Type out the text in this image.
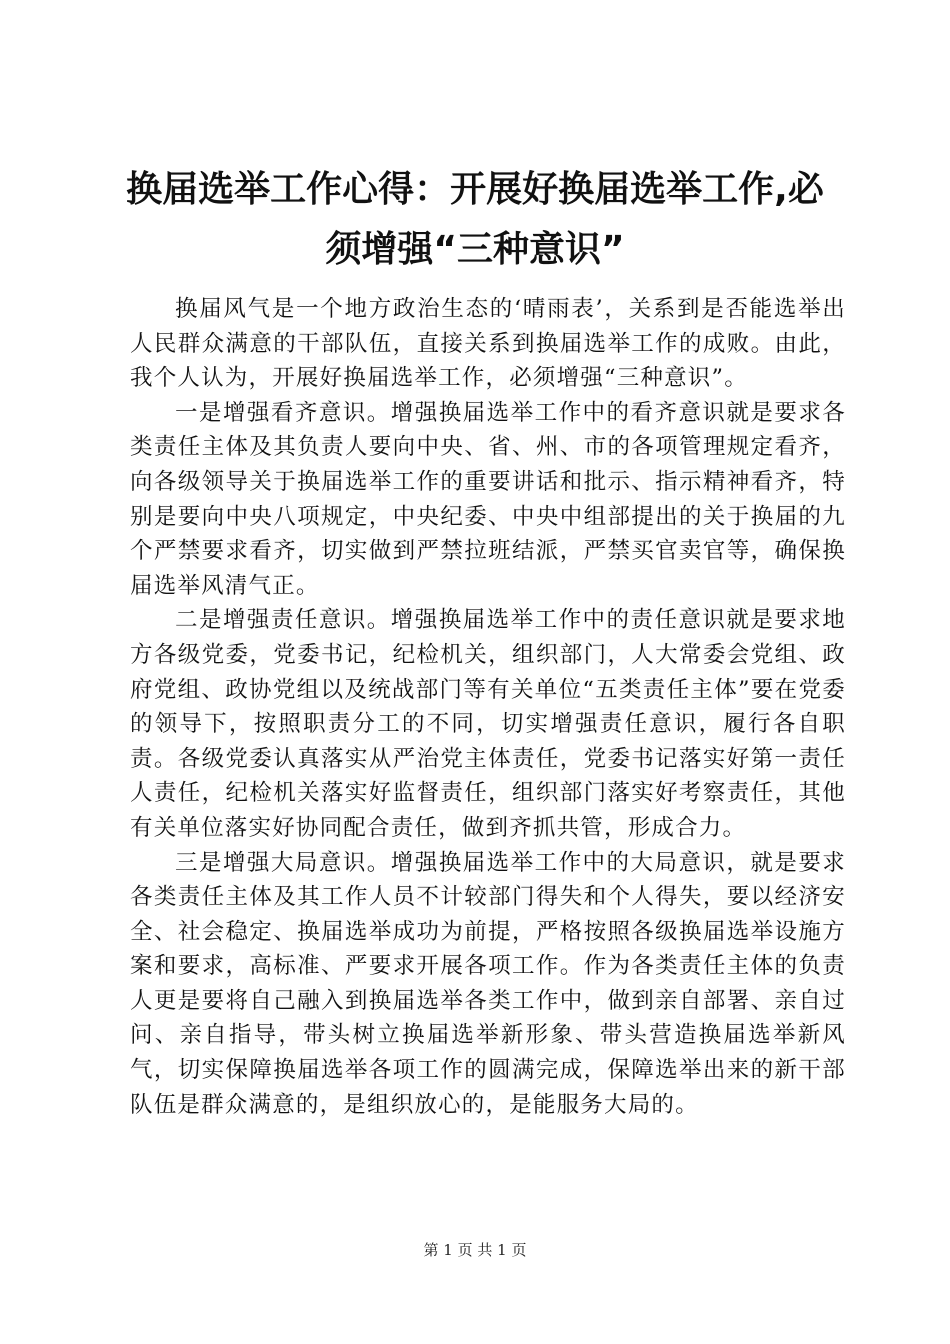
换届选举工作心得：开展好换届选举工作,必
须增强“三种意识”

换届风气是一个地方政治生态的‘晴雨表’，关系到是否能选举出人民群众满意的干部队伍，直接关系到换届选举工作的成败。由此，我个人认为，开展好换届选举工作，必须增强“三种意识”。

一是增强看齐意识。增强换届选举工作中的看齐意识就是要求各类责任主体及其负责人要向中央、省、州、市的各项管理规定看齐，向各级领导关于换届选举工作的重要讲话和批示、指示精神看齐，特别是要向中央八项规定，中央纪委、中央中组部提出的关于换届的九个严禁要求看齐，切实做到严禁拉班结派，严禁买官卖官等，确保换届选举风清气正。

二是增强责任意识。增强换届选举工作中的责任意识就是要求地方各级党委，党委书记，纪检机关，组织部门，人大常委会党组、政府党组、政协党组以及统战部门等有关单位“五类责任主体”要在党委的领导下，按照职责分工的不同，切实增强责任意识，履行各自职责。各级党委认真落实从严治党主体责任，党委书记落实好第一责任人责任，纪检机关落实好监督责任，组织部门落实好考察责任，其他有关单位落实好协同配合责任，做到齐抓共管，形成合力。

三是增强大局意识。增强换届选举工作中的大局意识，就是要求各类责任主体及其工作人员不计较部门得失和个人得失，要以经济安全、社会稳定、换届选举成功为前提，严格按照各级换届选举设施方案和要求，高标准、严要求开展各项工作。作为各类责任主体的负责人更是要将自己融入到换届选举各类工作中，做到亲自部署、亲自过问、亲自指导，带头树立换届选举新形象、带头营造换届选举新风气，切实保障换届选举各项工作的圆满完成，保障选举出来的新干部队伍是群众满意的，是组织放心的，是能服务大局的。

第 1 页 共 1 页
